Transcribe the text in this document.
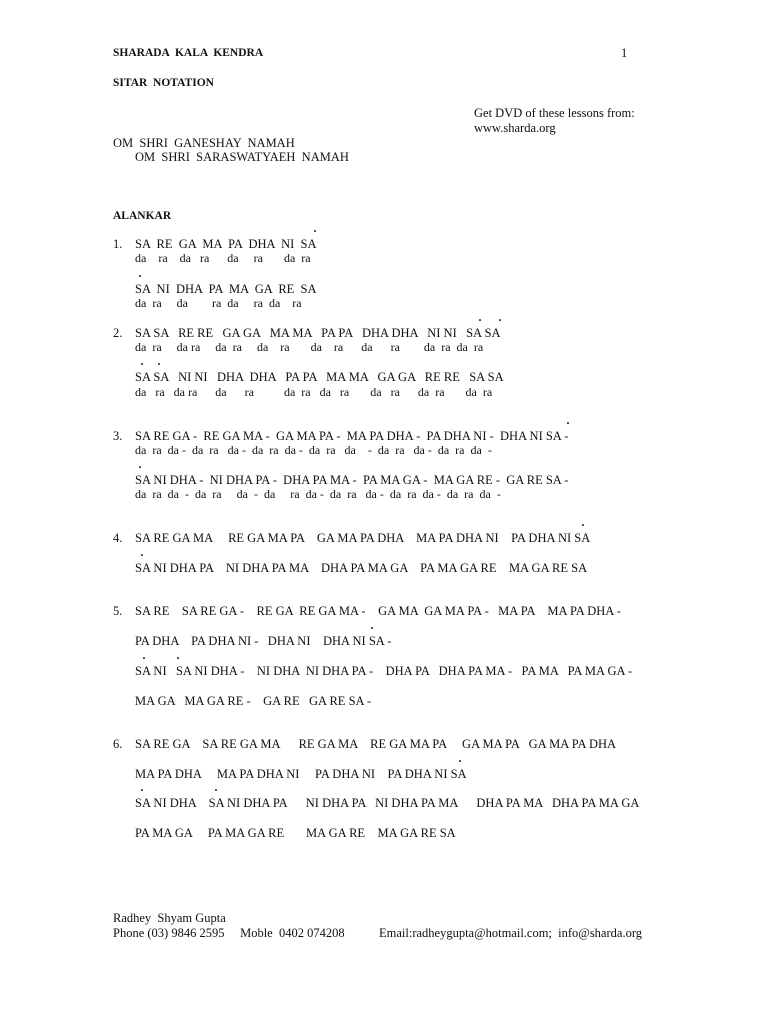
SHARADA  KALA  KENDRA	1
SITAR  NOTATION
Get DVD of these lessons from:
www.sharda.org
OM  SHRI  GANESHAY  NAMAH
OM  SHRI  SARASWATYAEH  NAMAH
ALANKAR
·
1. SA  RE  GA  MA  PA  DHA  NI  SA
da    ra    da   ra      da     ra       da  ra
·
SA  NI  DHA  PA  MA  GA  RE  SA
da  ra     da        ra  da     ra  da    ra
· ·
2. SA SA   RE RE   GA GA   MA MA   PA PA   DHA DHA   NI NI   SA SA
da  ra     da ra     da  ra     da    ra       da    ra      da      ra        da  ra  da  ra
· ·
SA SA   NI NI   DHA  DHA   PA PA   MA MA   GA GA   RE RE   SA SA
da   ra   da ra      da      ra          da  ra   da   ra       da   ra      da  ra       da  ra
·
3. SA RE GA -  RE GA MA -  GA MA PA -  MA PA DHA -  PA DHA NI -  DHA NI SA -
da  ra  da -  da  ra   da -  da  ra  da -  da  ra   da    -  da  ra   da -  da  ra  da  -
·
SA NI DHA -  NI DHA PA -  DHA PA MA -  PA MA GA -  MA GA RE -  GA RE SA -
da  ra  da  -  da  ra     da  -  da     ra  da -  da  ra   da -  da  ra  da -  da  ra  da  -
·
4. SA RE GA MA     RE GA MA PA    GA MA PA DHA    MA PA DHA NI    PA DHA NI SA
·
SA NI DHA PA    NI DHA PA MA    DHA PA MA GA    PA MA GA RE    MA GA RE SA
5. SA RE    SA RE GA -    RE GA  RE GA MA -    GA MA  GA MA PA -   MA PA    MA PA DHA -
·
PA DHA    PA DHA NI -   DHA NI    DHA NI SA -
· ·
SA NI   SA NI DHA -    NI DHA  NI DHA PA -    DHA PA   DHA PA MA -   PA MA   PA MA GA -
MA GA   MA GA RE -    GA RE   GA RE SA -
6. SA RE GA    SA RE GA MA      RE GA MA    RE GA MA PA     GA MA PA   GA MA PA DHA
·
MA PA DHA     MA PA DHA NI     PA DHA NI    PA DHA NI SA
·	·
SA NI DHA    SA NI DHA PA      NI DHA PA   NI DHA PA MA      DHA PA MA   DHA PA MA GA
PA MA GA     PA MA GA RE       MA GA RE    MA GA RE SA
Radhey  Shyam Gupta
Phone (03) 9846 2595     Moble  0402 074208	Email:radheygupta@hotmail.com;  info@sharda.org
